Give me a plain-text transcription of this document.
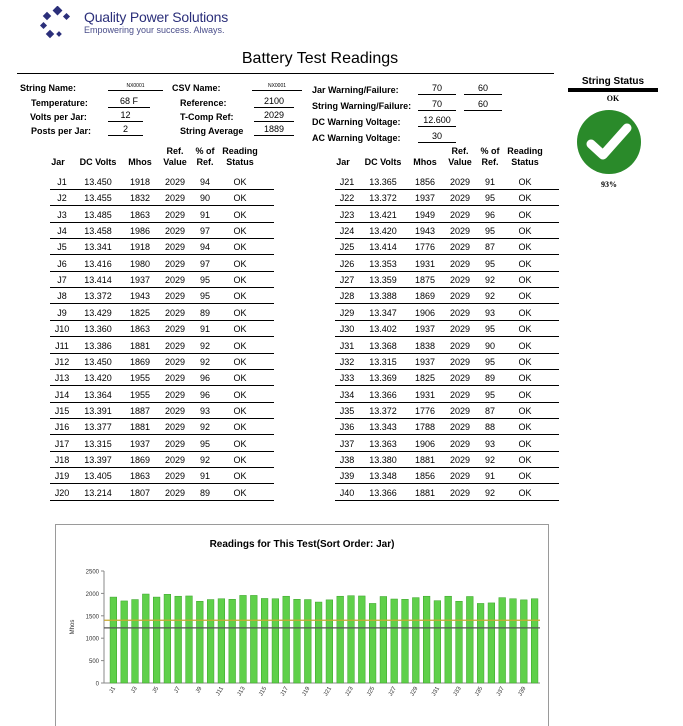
Quality Power Solutions
Empowering your success. Always.
Battery Test Readings
String Name:	NX0001	CSV Name:	NX0001
Temperature:	68 F	Reference:	2100
Volts per Jar:	12	T-Comp Ref:	2029
Posts per Jar:	2	String Average	1889
Jar Warning/Failure:	70	60
String Warning/Failure:	70	60
DC Warning Voltage:	12.600
AC Warning Voltage:	30
String Status
OK
93%
Jar	DC Volts	Mhos
Ref.
Value
% of
Ref.
Reading
Status
J1	13.450	1918	2029	94	OK
J2	13.455	1832	2029	90	OK
J3	13.485	1863	2029	91	OK
J4	13.458	1986	2029	97	OK
J5	13.341	1918	2029	94	OK
J6	13.416	1980	2029	97	OK
J7	13.414	1937	2029	95	OK
J8	13.372	1943	2029	95	OK
J9	13.429	1825	2029	89	OK
J10	13.360	1863	2029	91	OK
J11	13.386	1881	2029	92	OK
J12	13.450	1869	2029	92	OK
J13	13.420	1955	2029	96	OK
J14	13.364	1955	2029	96	OK
J15	13.391	1887	2029	93	OK
J16	13.377	1881	2029	92	OK
J17	13.315	1937	2029	95	OK
J18	13.397	1869	2029	92	OK
J19	13.405	1863	2029	91	OK
J20	13.214	1807	2029	89	OK
Jar	DC Volts	Mhos
Ref.
Value
% of
Ref.
Reading
Status
J21	13.365	1856	2029	91	OK
J22	13.372	1937	2029	95	OK
J23	13.421	1949	2029	96	OK
J24	13.420	1943	2029	95	OK
J25	13.414	1776	2029	87	OK
J26	13.353	1931	2029	95	OK
J27	13.359	1875	2029	92	OK
J28	13.388	1869	2029	92	OK
J29	13.347	1906	2029	93	OK
J30	13.402	1937	2029	95	OK
J31	13.368	1838	2029	90	OK
J32	13.315	1937	2029	95	OK
J33	13.369	1825	2029	89	OK
J34	13.366	1931	2029	95	OK
J35	13.372	1776	2029	87	OK
J36	13.343	1788	2029	88	OK
J37	13.363	1906	2029	93	OK
J38	13.380	1881	2029	92	OK
J39	13.348	1856	2029	91	OK
J40	13.366	1881	2029	92	OK
Readings for This Test(Sort Order: Jar)
0
500
1000
1500
2000
2500
Mhos
J1 J3 J5 J7 J9 J11 J13 J15 J17 J19 J21 J23 J25 J27 J29 J31 J33 J35 J37 J39
